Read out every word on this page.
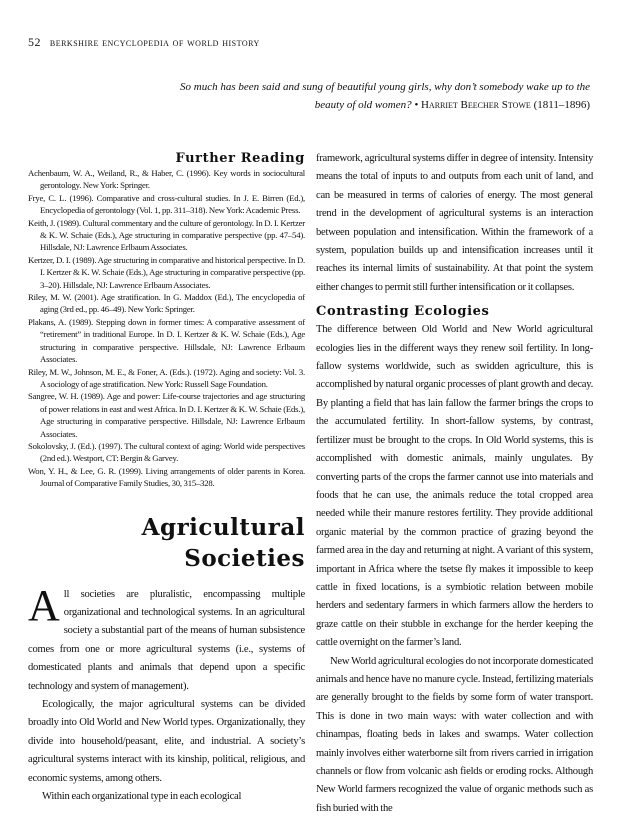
52 berkshire encyclopedia of world history
So much has been said and sung of beautiful young girls, why don’t somebody wake up to the beauty of old women? • Harriet Beecher Stowe (1811–1896)
Further Reading
Achenbaum, W. A., Weiland, R., & Haber, C. (1996). Key words in sociocultural gerontology. New York: Springer.
Frye, C. L. (1996). Comparative and cross-cultural studies. In J. E. Birren (Ed.), Encyclopedia of gerontology (Vol. 1, pp. 311–318). New York: Academic Press.
Keith, J. (1989). Cultural commentary and the culture of gerontology. In D. I. Kertzer & K. W. Schaie (Eds.), Age structuring in comparative perspective (pp. 47–54). Hillsdale, NJ: Lawrence Erlbaum Associates.
Kertzer, D. I. (1989). Age structuring in comparative and historical perspective. In D. I. Kertzer & K. W. Schaie (Eds.), Age structuring in comparative perspective (pp. 3–20). Hillsdale, NJ: Lawrence Erlbaum Associates.
Riley, M. W. (2001). Age stratification. In G. Maddox (Ed.), The encyclopedia of aging (3rd ed., pp. 46–49). New York: Springer.
Plakans, A. (1989). Stepping down in former times: A comparative assessment of “retirement” in traditional Europe. In D. I. Kertzer & K. W. Schaie (Eds.), Age structuring in comparative perspective. Hillsdale, NJ: Lawrence Erlbaum Associates.
Riley, M. W., Johnson, M. E., & Foner, A. (Eds.). (1972). Aging and society: Vol. 3. A sociology of age stratification. New York: Russell Sage Foundation.
Sangree, W. H. (1989). Age and power: Life-course trajectories and age structuring of power relations in east and west Africa. In D. I. Kertzer & K. W. Schaie (Eds.), Age structuring in comparative perspective. Hillsdale, NJ: Lawrence Erlbaum Associates.
Sokolovsky, J. (Ed.). (1997). The cultural context of aging: World wide perspectives (2nd ed.). Westport, CT: Bergin & Garvey.
Won, Y. H., & Lee, G. R. (1999). Living arrangements of older parents in Korea. Journal of Comparative Family Studies, 30, 315–328.
Agricultural
Societies

All societies are pluralistic, encompassing multiple organizational and technological systems. In an agricultural society a substantial part of the means of human subsistence comes from one or more agricultural systems (i.e., systems of domesticated plants and animals that depend upon a specific technology and system of management).

Ecologically, the major agricultural systems can be divided broadly into Old World and New World types. Organizationally, they divide into household/peasant, elite, and industrial. A society’s agricultural systems interact with its kinship, political, religious, and economic systems, among others.

Within each organizational type in each ecological

framework, agricultural systems differ in degree of intensity. Intensity means the total of inputs to and outputs from each unit of land, and can be measured in terms of calories of energy. The most general trend in the development of agricultural systems is an interaction between population and intensification. Within the framework of a system, population builds up and intensification increases until it reaches its internal limits of sustainability. At that point the system either changes to permit still further intensification or it collapses.

Contrasting Ecologies

The difference between Old World and New World agricultural ecologies lies in the different ways they renew soil fertility. In long-fallow systems worldwide, such as swidden agriculture, this is accomplished by natural organic processes of plant growth and decay. By planting a field that has lain fallow the farmer brings the crops to the accumulated fertility. In short-fallow systems, by contrast, fertilizer must be brought to the crops. In Old World systems, this is accomplished with domestic animals, mainly ungulates. By converting parts of the crops the farmer cannot use into materials and foods that he can use, the animals reduce the total cropped area needed while their manure restores fertility. They provide additional organic material by the common practice of grazing beyond the farmed area in the day and returning at night. A variant of this system, important in Africa where the tsetse fly makes it impossible to keep cattle in fixed locations, is a symbiotic relation between mobile herders and sedentary farmers in which farmers allow the herders to graze cattle on their stubble in exchange for the herder keeping the cattle overnight on the farmer’s land.

New World agricultural ecologies do not incorporate domesticated animals and hence have no manure cycle. Instead, fertilizing materials are generally brought to the fields by some form of water transport. This is done in two main ways: with water collection and with chinampas, floating beds in lakes and swamps. Water collection mainly involves either waterborne silt from rivers carried in irrigation channels or flow from volcanic ash fields or eroding rocks. Although New World farmers recognized the value of organic methods such as fish buried with the
